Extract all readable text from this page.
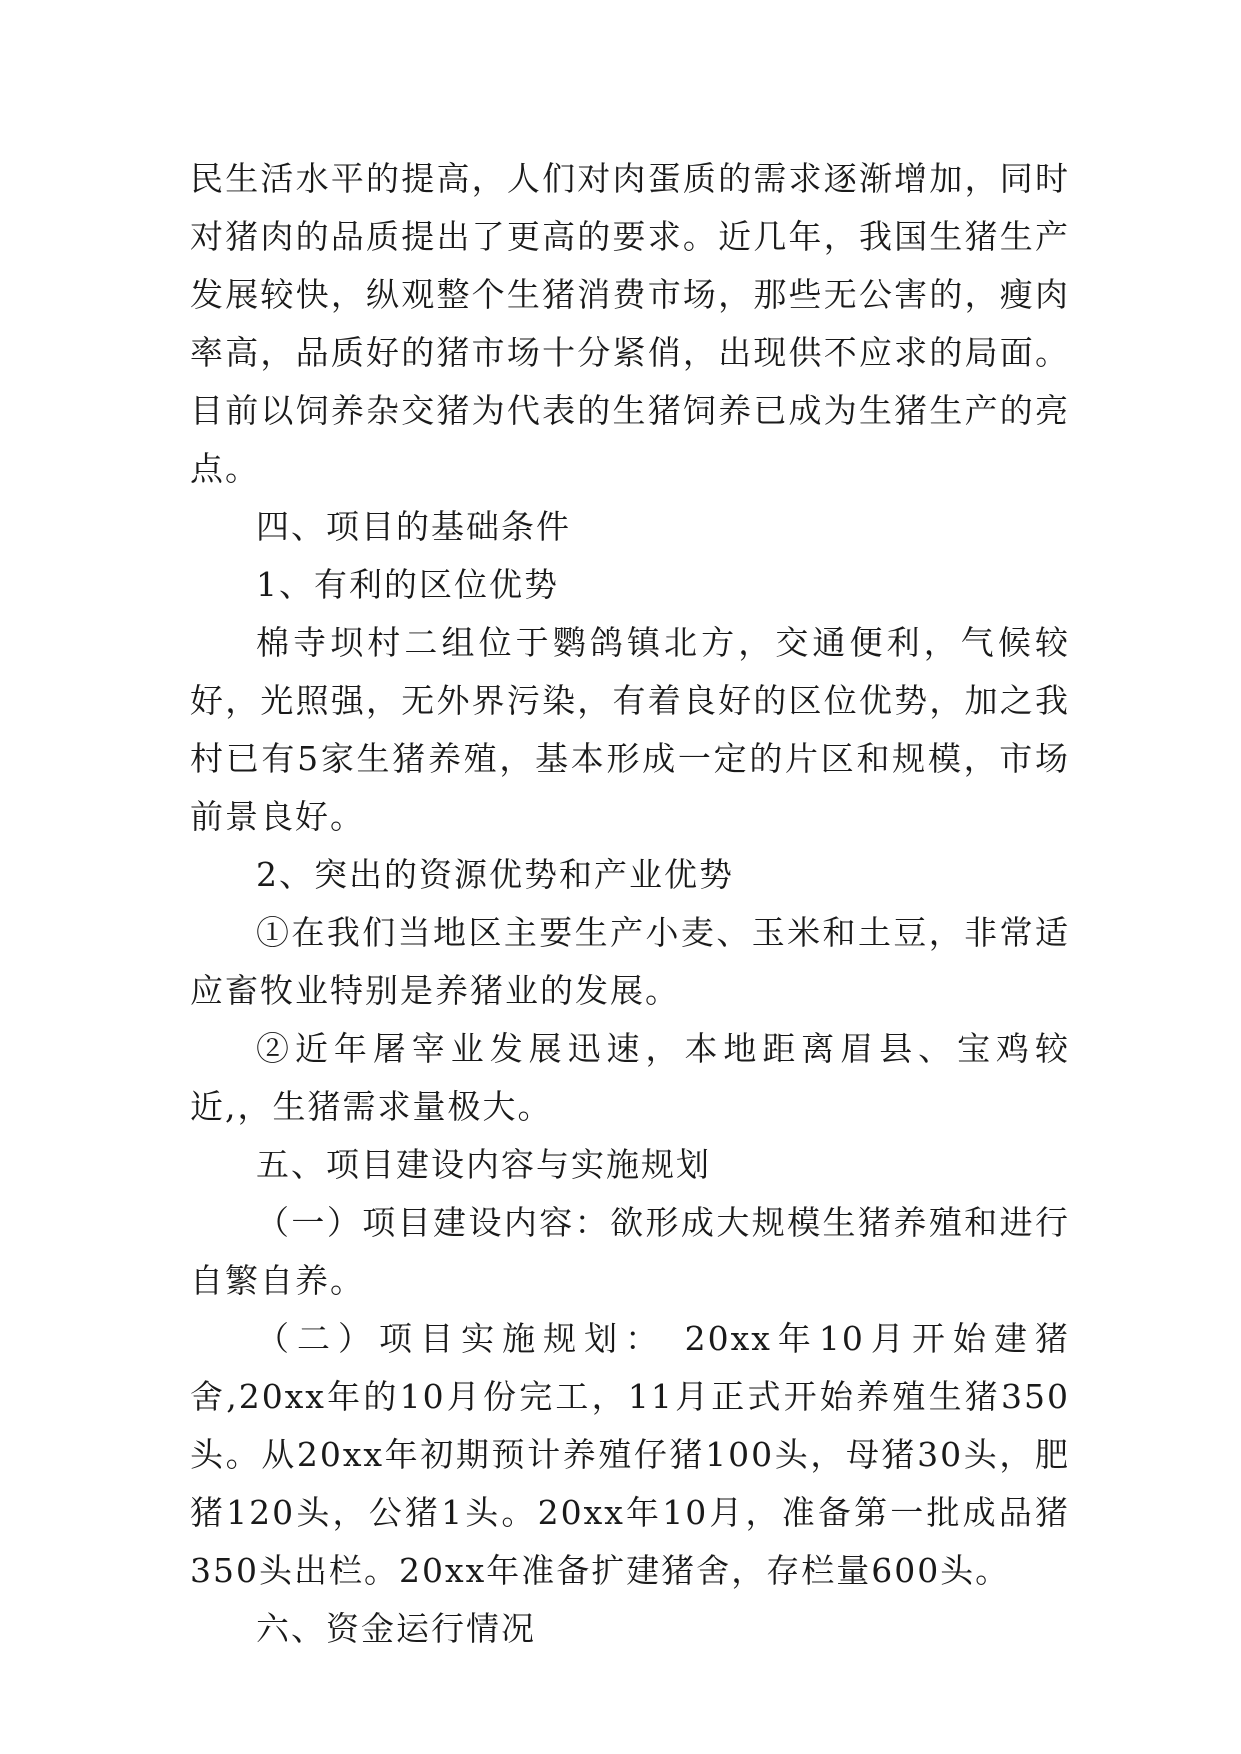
民生活水平的提高，人们对肉蛋质的需求逐渐增加，同时对猪肉的品质提出了更高的要求。近几年，我国生猪生产发展较快，纵观整个生猪消费市场，那些无公害的，瘦肉率高，品质好的猪市场十分紧俏，出现供不应求的局面。目前以饲养杂交猪为代表的生猪饲养已成为生猪生产的亮点。

四、项目的基础条件

1、有利的区位优势

棉寺坝村二组位于鹦鸽镇北方，交通便利，气候较好，光照强，无外界污染，有着良好的区位优势，加之我村已有5家生猪养殖，基本形成一定的片区和规模，市场前景良好。

2、突出的资源优势和产业优势

①在我们当地区主要生产小麦、玉米和土豆，非常适应畜牧业特别是养猪业的发展。

②近年屠宰业发展迅速，本地距离眉县、宝鸡较近,，生猪需求量极大。

五、项目建设内容与实施规划

（一）项目建设内容：欲形成大规模生猪养殖和进行自繁自养。

（二）项目实施规划： 20xx年10月开始建猪舍,20xx年的10月份完工，11月正式开始养殖生猪350头。从20xx年初期预计养殖仔猪100头，母猪30头，肥猪120头，公猪1头。20xx年10月，准备第一批成品猪350头出栏。20xx年准备扩建猪舍，存栏量600头。

六、资金运行情况
